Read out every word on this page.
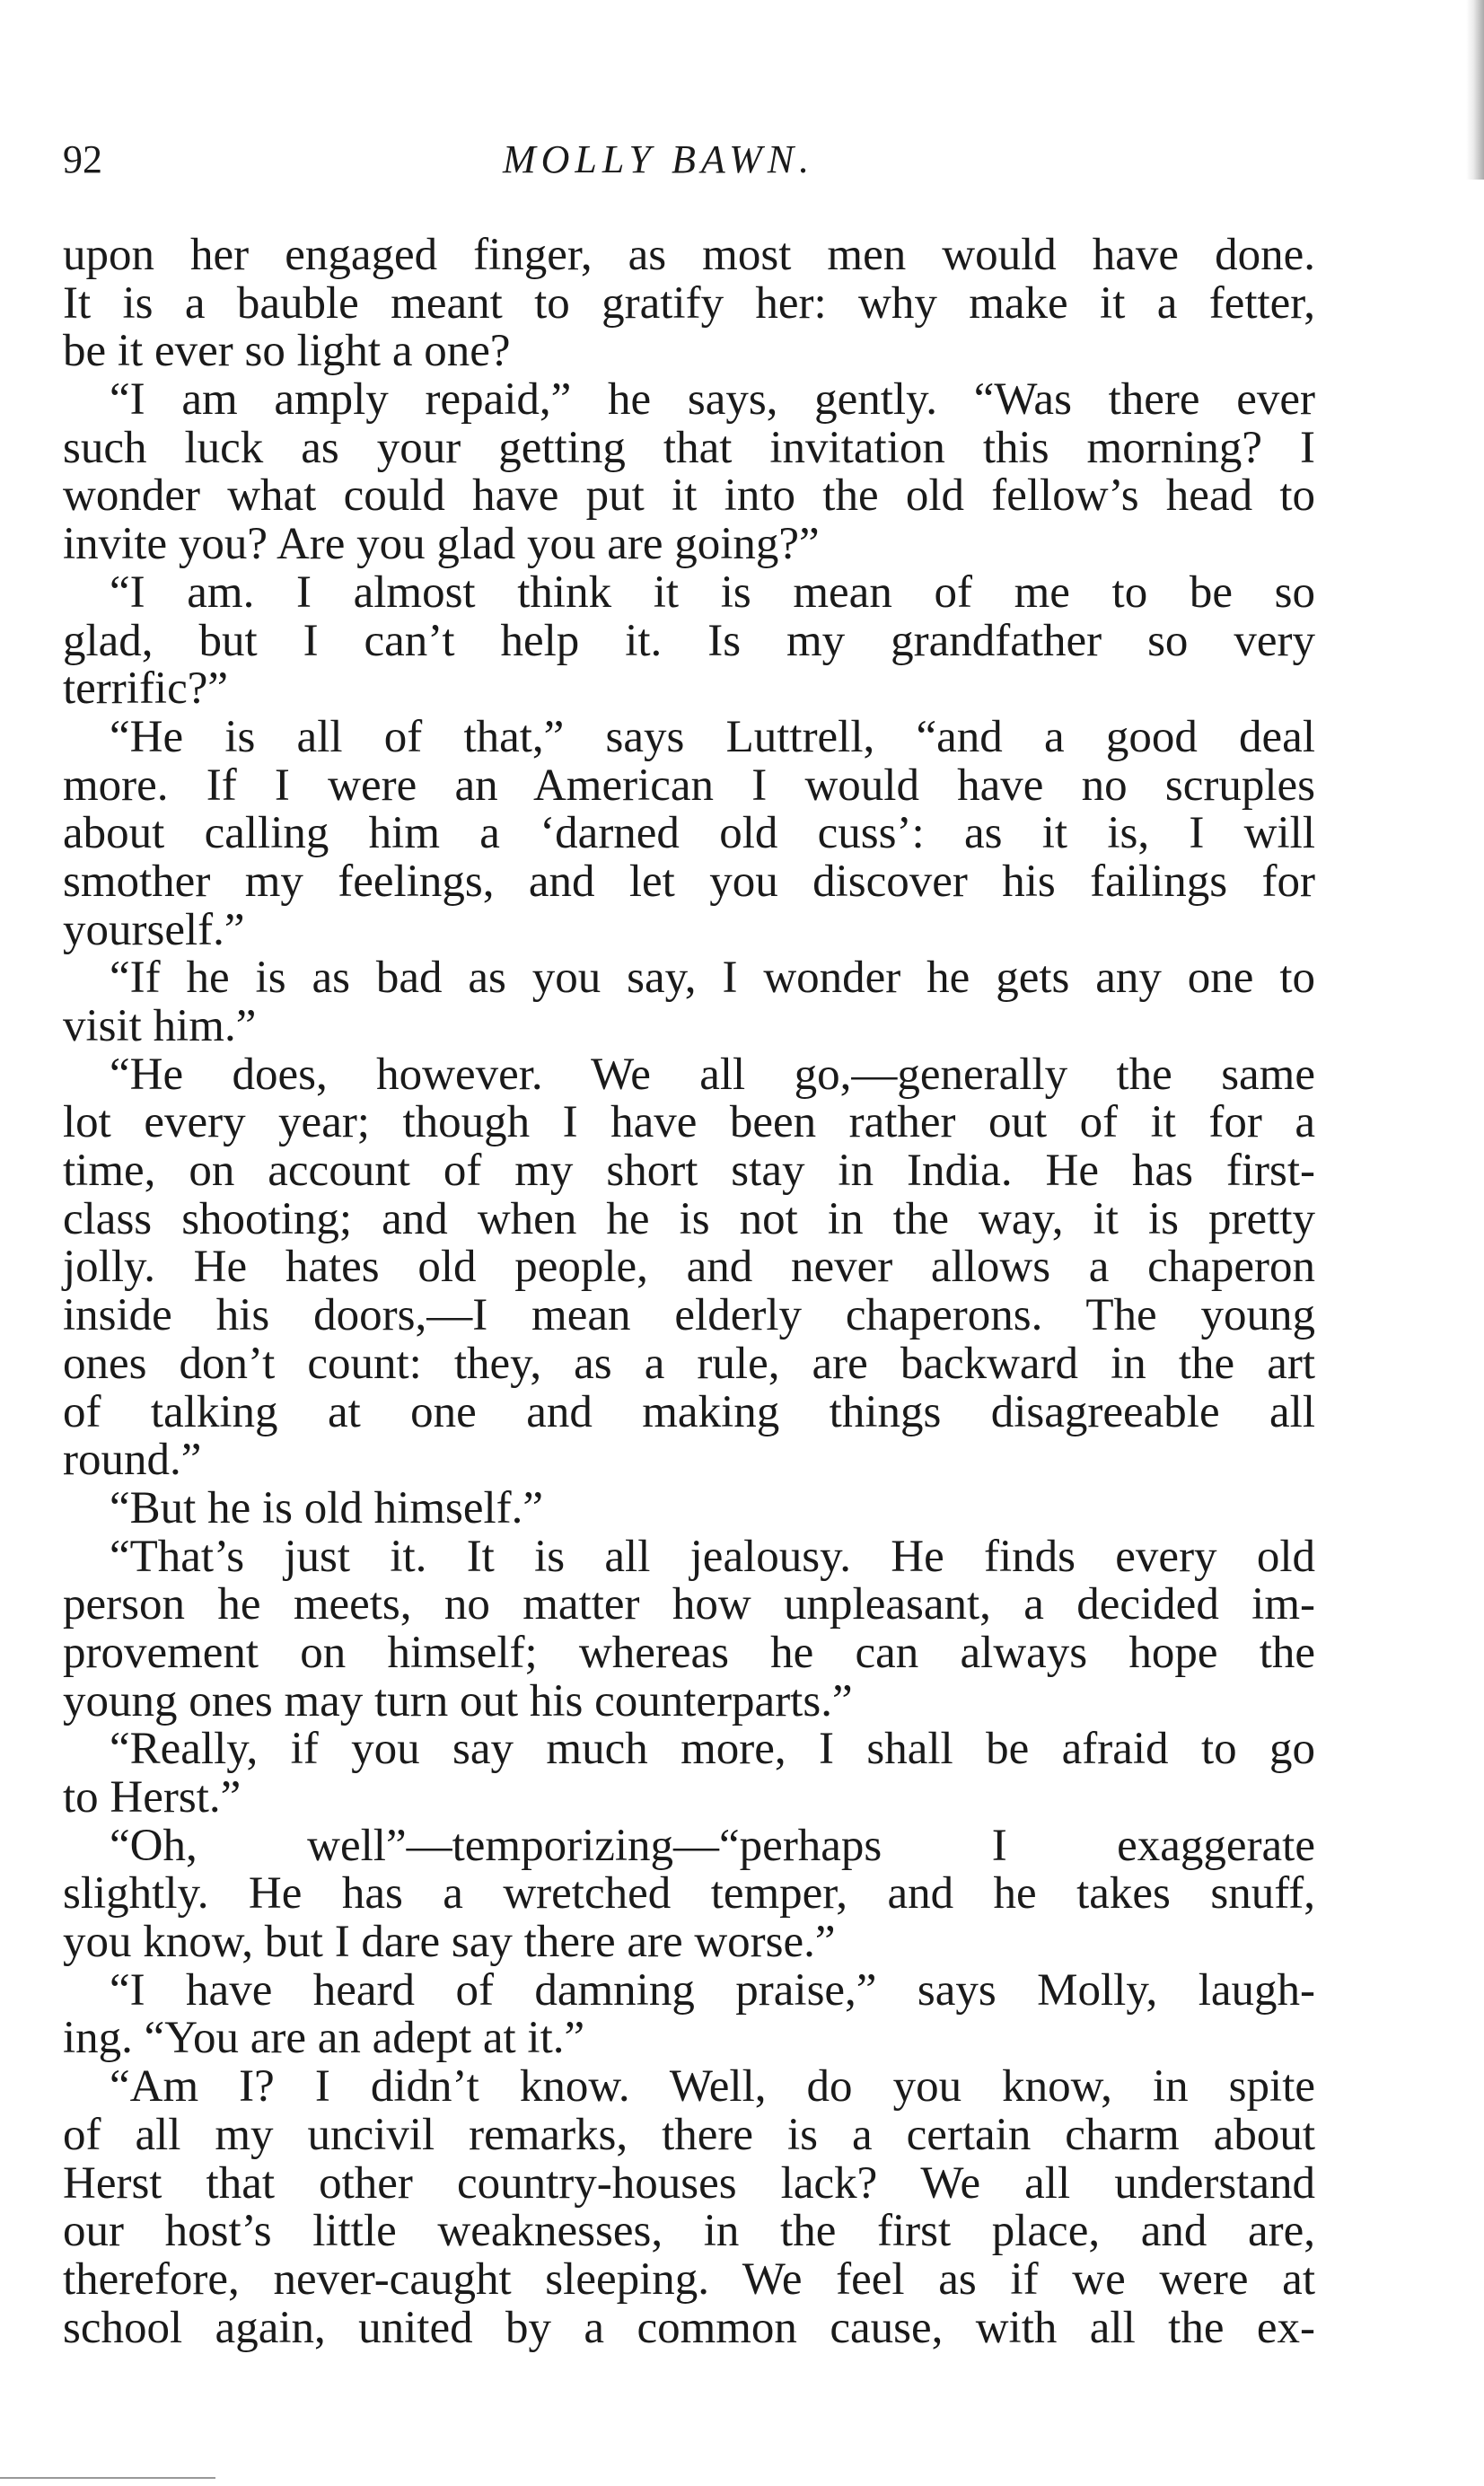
92	MOLLY BAWN.
upon her engaged finger, as most men would have done.
It is a bauble meant to gratify her: why make it a fetter,
be it ever so light a one?
“I am amply repaid,” he says, gently. “Was there ever
such luck as your getting that invitation this morning? I
wonder what could have put it into the old fellow’s head to
invite you? Are you glad you are going?”
“I am. I almost think it is mean of me to be so
glad, but I can’t help it. Is my grandfather so very
terrific?”
“He is all of that,” says Luttrell, “and a good deal
more. If I were an American I would have no scruples
about calling him a ‘darned old cuss’: as it is, I will
smother my feelings, and let you discover his failings for
yourself.”
“If he is as bad as you say, I wonder he gets any one to
visit him.”
“He does, however. We all go,—generally the same
lot every year; though I have been rather out of it for a
time, on account of my short stay in India. He has first-
class shooting; and when he is not in the way, it is pretty
jolly. He hates old people, and never allows a chaperon
inside his doors,—I mean elderly chaperons. The young
ones don’t count: they, as a rule, are backward in the art
of talking at one and making things disagreeable all
round.”
“But he is old himself.”
“That’s just it. It is all jealousy. He finds every old
person he meets, no matter how unpleasant, a decided im-
provement on himself; whereas he can always hope the
young ones may turn out his counterparts.”
“Really, if you say much more, I shall be afraid to go
to Herst.”
“Oh, well”—temporizing—“perhaps I exaggerate
slightly. He has a wretched temper, and he takes snuff,
you know, but I dare say there are worse.”
“I have heard of damning praise,” says Molly, laugh-
ing. “You are an adept at it.”
“Am I? I didn’t know. Well, do you know, in spite
of all my uncivil remarks, there is a certain charm about
Herst that other country-houses lack? We all understand
our host’s little weaknesses, in the first place, and are,
therefore, never-caught sleeping. We feel as if we were at
school again, united by a common cause, with all the ex-
